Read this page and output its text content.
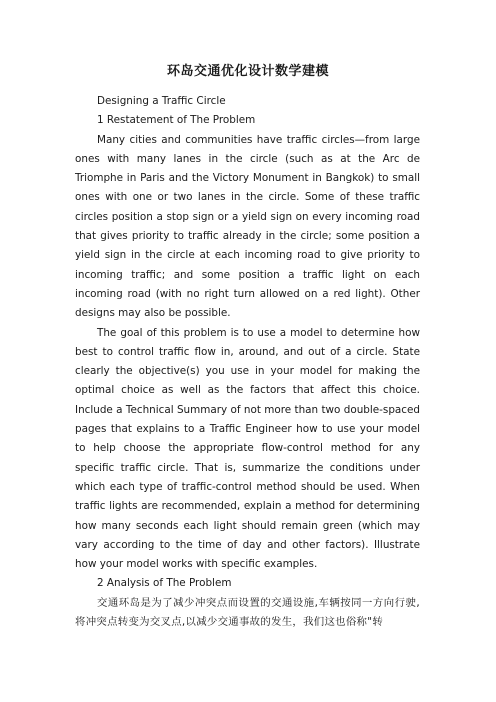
环岛交通优化设计数学建模

Designing a Traffic Circle

1 Restatement of The Problem

Many cities and communities have traffic circles—from large ones with many lanes in the circle (such as at the Arc de Triomphe in Paris and the Victory Monument in Bangkok) to small ones with one or two lanes in the circle. Some of these traffic circles position a stop sign or a yield sign on every incoming road that gives priority to traffic already in the circle; some position a yield sign in the circle at each incoming road to give priority to incoming traffic; and some position a traffic light on each incoming road (with no right turn allowed on a red light). Other designs may also be possible.

The goal of this problem is to use a model to determine how best to control traffic flow in, around, and out of a circle. State clearly the objective(s) you use in your model for making the optimal choice as well as the factors that affect this choice. Include a Technical Summary of not more than two double-spaced pages that explains to a Traffic Engineer how to use your model to help choose the appropriate flow-control method for any specific traffic circle. That is, summarize the conditions under which each type of traffic-control method should be used. When traffic lights are recommended, explain a method for determining how many seconds each light should remain green (which may vary according to the time of day and other factors). Illustrate how your model works with specific examples.

2 Analysis of The Problem

交通环岛是为了减少冲突点而设置的交通设施,车辆按同一方向行驶,将冲突点转变为交叉点,以减少交通事故的发生，我们这也俗称"转
